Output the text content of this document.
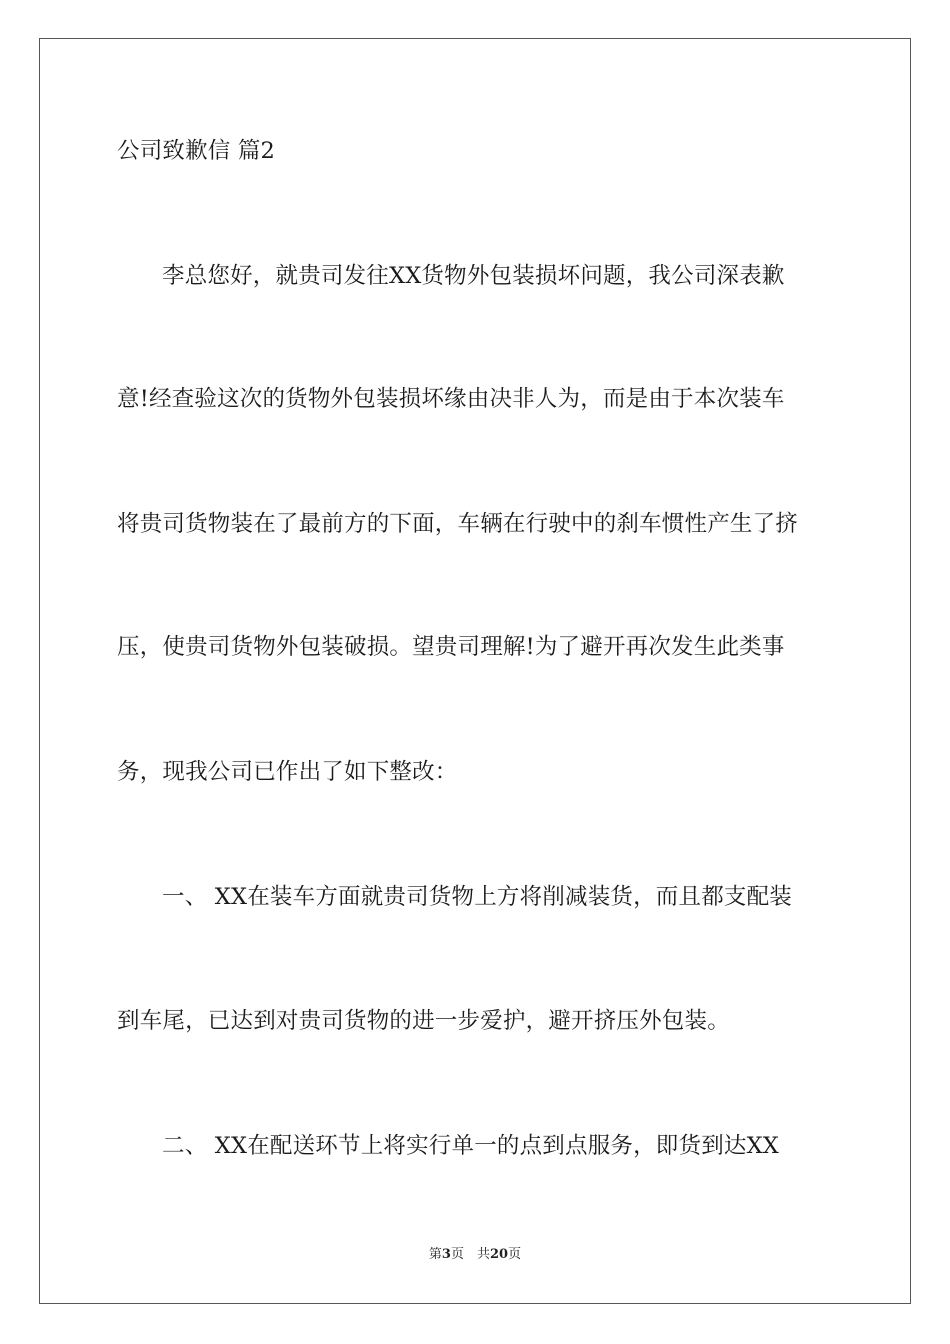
公司致歉信 篇2
李总您好，就贵司发往XX货物外包装损坏问题，我公司深表歉
意!经查验这次的货物外包装损坏缘由决非人为，而是由于本次装车
将贵司货物装在了最前方的下面，车辆在行驶中的刹车惯性产生了挤
压，使贵司货物外包装破损。望贵司理解!为了避开再次发生此类事
务，现我公司已作出了如下整改：
一、 XX在装车方面就贵司货物上方将削减装货，而且都支配装
到车尾，已达到对贵司货物的进一步爱护，避开挤压外包装。
二、 XX在配送环节上将实行单一的点到点服务，即货到达XX
第3页　共20页
